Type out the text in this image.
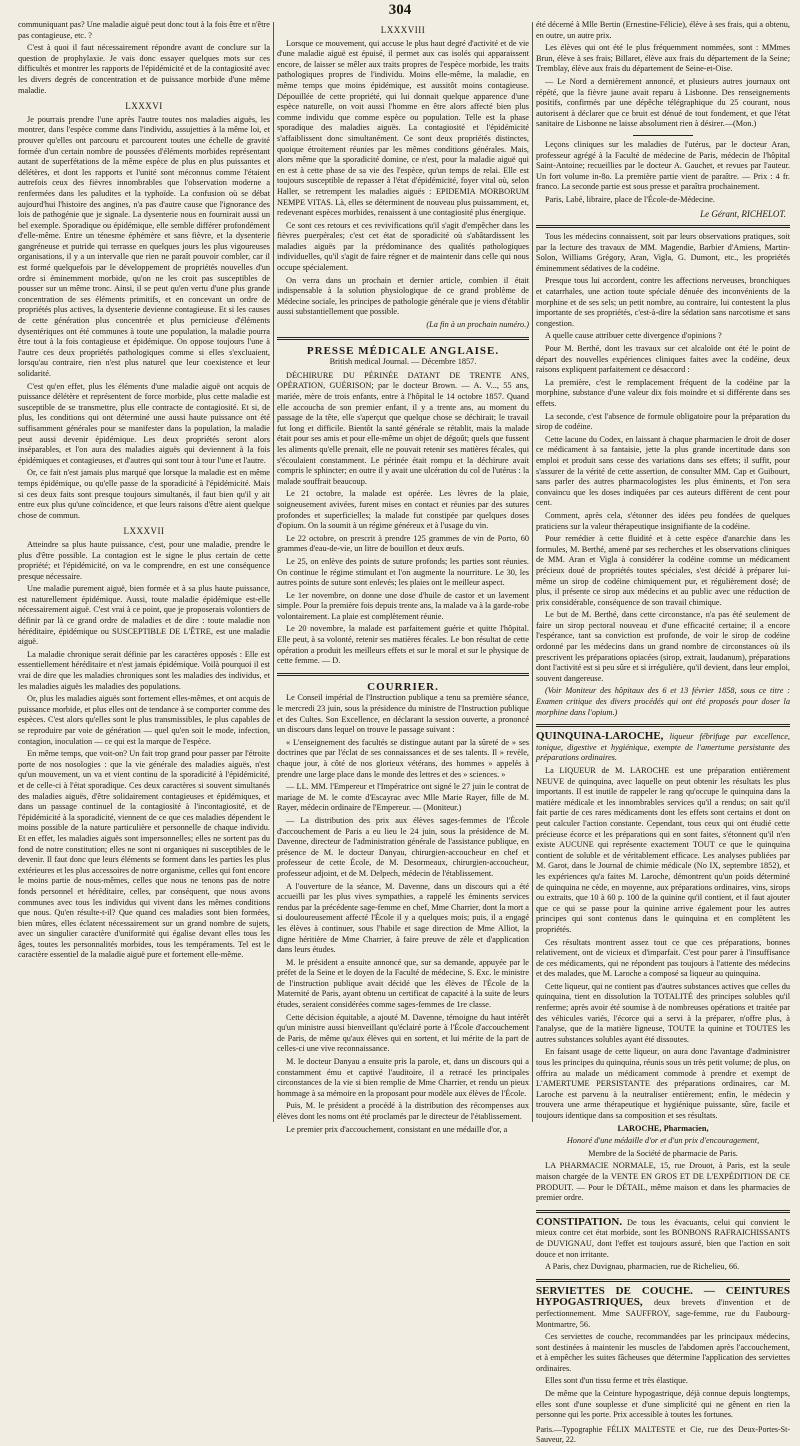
304

communiquant pas? Une maladie aiguë peut donc tout à la fois être et n'être pas contagieuse, etc. ?

C'est à quoi il faut nécessairement répondre avant de conclure sur la question de prophylaxie. Je vais donc essayer quelques mots sur ces difficultés et montrer les rapports de l'épidémicité et de la contagiosité avec les divers degrés de concentration et de puissance morbide d'une même maladie.

LXXXVI

Je pourrais prendre l'une après l'autre toutes nos maladies aiguës, les montrer, dans l'espèce comme dans l'individu, assujetties à la même loi, et prouver qu'elles ont parcouru et parcourent toutes une échelle de gravité formée d'un certain nombre de poussées d'éléments morbides représentant autant de superfétations de la même espèce de plus en plus puissantes et délétères, et dont les rapports et l'unité sont méconnus comme l'étaient autrefois ceux des fièvres innombrables que l'observation moderne a renfermées dans les paludites et la typhoïde. La confusion où se débat aujourd'hui l'histoire des angines, n'a pas d'autre cause que l'ignorance des lois de pathogénie que je signale. La dysenterie nous en fournirait aussi un bel exemple. Sporadique ou épidémique, elle semble différer profondément d'elle-même. Entre un ténesme éphémère et sans fièvre, et la dysenterie gangréneuse et putride qui terrasse en quelques jours les plus vigoureuses organisations, il y a un intervalle que rien ne paraît pouvoir combler, car il est formé quelquefois par le développement de propriétés nouvelles d'un ordre si éminemment morbide, qu'on ne les croit pas susceptibles de pousser sur un même tronc. Ainsi, il se peut qu'en vertu d'une plus grande concentration de ses éléments primitifs, et en concevant un ordre de propriétés plus actives, la dysenterie devienne contagieuse. Et si les causes de cette génération plus concentrée et plus pernicieuse d'éléments dysentériques ont été communes à toute une population, la maladie pourra être tout à la fois contagieuse et épidémique. On oppose toujours l'une à l'autre ces deux propriétés pathologiques comme si elles s'excluaient, lorsqu'au contraire, rien n'est plus naturel que leur coexistence et leur solidarité.

C'est qu'en effet, plus les éléments d'une maladie aiguë ont acquis de puissance délétère et représentent de force morbide, plus cette maladie est susceptible de se transmettre, plus elle contracte de contagiosité. Et si, de plus, les conditions qui ont déterminé une aussi haute puissance ont été suffisamment générales pour se manifester dans la population, la maladie peut aussi devenir épidémique. Les deux propriétés seront alors inséparables, et l'on aura des maladies aiguës qui deviennent à la fois épidémiques et contagieuses, et d'autres qui sont tour à tour l'une et l'autre.

Or, ce fait n'est jamais plus marqué que lorsque la maladie est en même temps épidémique, ou qu'elle passe de la sporadicité à l'épidémicité. Mais si ces deux faits sont presque toujours simultanés, il faut bien qu'il y ait entre eux plus qu'une coïncidence, et que leurs raisons d'être aient quelque chose de commun.

LXXXVII

Atteindre sa plus haute puissance, c'est, pour une maladie, prendre le plus d'être possible. La contagion est le signe le plus certain de cette propriété; et l'épidémicité, on va le comprendre, en est une conséquence presque nécessaire.

Une maladie purement aiguë, bien formée et à sa plus haute puissance, est naturellement épidémique. Aussi, toute maladie épidémique est-elle nécessairement aiguë. C'est vrai à ce point, que je proposerais volontiers de définir par là ce grand ordre de maladies et de dire : toute maladie non héréditaire, épidémique ou SUSCEPTIBLE DE L'ÊTRE, est une maladie aiguë.

La maladie chronique serait définie par les caractères opposés : Elle est essentiellement héréditaire et n'est jamais épidémique. Voilà pourquoi il est vrai de dire que les maladies chroniques sont les maladies des individus, et les maladies aiguës les maladies des populations.

Or, plus les maladies aiguës sont fortement elles-mêmes, et ont acquis de puissance morbide, et plus elles ont de tendance à se comporter comme des espèces. C'est alors qu'elles sont le plus transmissibles, le plus capables de se reproduire par voie de génération — quel qu'en soit le mode, infection, contagion, inoculation — ce qui est la marque de l'espèce.

En même temps, que voit-on? Un fait trop grand pour passer par l'étroite porte de nos nosologies : que la vie générale des maladies aiguës, n'est qu'un mouvement, un va et vient continu de la sporadicité à l'épidémicité, et de celle-ci à l'état sporadique. Ces deux caractères si souvent simultanés des maladies aiguës, d'être solidairement contagieuses et épidémiques, et dans un passage continuel de la contagiosité à l'incontagiosité, et de l'épidémicité à la sporadicité, viennent de ce que ces maladies dépendent le moins possible de la nature particulière et personnelle de chaque individu. Et en effet, les maladies aiguës sont impersonnelles; elles ne sortent pas du fond de notre constitution; elles ne sont ni organiques ni susceptibles de le devenir. Il faut donc que leurs éléments se forment dans les parties les plus extérieures et les plus accessoires de notre organisme, celles qui font encore le moins partie de nous-mêmes, celles que nous ne tenons pas de notre fonds personnel et héréditaire, celles, par conséquent, que nous avons communes avec tous les individus qui vivent dans les mêmes conditions que nous. Qu'en résulte-t-il? Que quand ces maladies sont bien formées, bien mûres, elles éclatent nécessairement sur un grand nombre de sujets, avec un singulier caractère d'uniformité qui égalise devant elles tous les âges, toutes les personnalités morbides, tous les tempéraments. Tel est le caractère essentiel de la maladie aiguë pure et fortement elle-même.

LXXXVIII

Lorsque ce mouvement, qui accuse le plus haut degré d'activité et de vie d'une maladie aiguë est épuisé, il permet aux cas isolés qui apparaissent encore, de laisser se mêler aux traits propres de l'espèce morbide, les traits pathologiques propres de l'individu. Moins elle-même, la maladie, en même temps que moins épidémique, est aussitôt moins contagieuse. Dépouillée de cette propriété, qui lui donnait quelque apparence d'une espèce naturelle, on voit aussi l'homme en être alors affecté bien plus comme individu que comme espèce ou population. Telle est la phase sporadique des maladies aiguës. La contagiosité et l'épidémicité s'affaiblissent donc simultanément. Ce sont deux propriétés distinctes, quoique étroitement réunies par les mêmes conditions générales. Mais, alors même que la sporadicité domine, ce n'est, pour la maladie aiguë qui en est à cette phase de sa vie des l'espèce, qu'un temps de relai. Elle est toujours susceptible de repasser à l'état d'épidémicité, foyer vital où, selon Haller, se retrempent les maladies aiguës : EPIDEMIA MORBORUM NEMPE VITAS. Là, elles se déterminent de nouveau plus puissamment, et, redevenant espèces morbides, renaissent à une contagiosité plus énergique.

Ce sont ces retours et ces revivifications qu'il s'agit d'empêcher dans les fièvres puerpérales; c'est cet état de sporadicité où s'abâtardissent les maladies aiguës par la prédominance des qualités pathologiques individuelles, qu'il s'agit de faire régner et de maintenir dans celle qui nous occupe spécialement.

On verra dans un prochain et dernier article, combien il était indispensable à la solution physiologique de ce grand problème de Médecine sociale, les principes de pathologie générale que je viens d'établir aussi substantiellement que possible.

(La fin à un prochain numéro.)

PRESSE MÉDICALE ANGLAISE.
British medical Journal. — Décembre 1857.

DÉCHIRURE DU PÉRINÉE DATANT DE TRENTE ANS, OPÉRATION, GUÉRISON; par le docteur Brown. — A. V..., 55 ans, mariée, mère de trois enfants, entre à l'hôpital le 14 octobre 1857. Quand elle accoucha de son premier enfant, il y a trente ans, au moment du passage de la tête, elle s'aperçut que quelque chose se déchirait; le travail fut long et difficile. Bientôt la santé générale se rétablit, mais la malade était pour ses amis et pour elle-même un objet de dégoût; quels que fussent les aliments qu'elle prenait, elle ne pouvait retenir ses matières fécales, qui s'écoulaient constamment. Le périnée était rompu et la déchirure avait compris le sphincter; en outre il y avait une ulcération du col de l'utérus : la malade souffrait beaucoup.

Le 21 octobre, la malade est opérée. Les lèvres de la plaie, soigneusement avivées, furent mises en contact et réunies par des sutures profondes et superficielles; la malade fut constipée par quelques doses d'opium. On la soumit à un régime généreux et à l'usage du vin.

Le 22 octobre, on prescrit à prendre 125 grammes de vin de Porto, 60 grammes d'eau-de-vie, un litre de bouillon et deux œufs.

Le 25, on enlève des points de suture profonds; les parties sont réunies. On continue le régime stimulant et l'on augmente la nourriture. Le 30, les autres points de suture sont enlevés; les plaies ont le meilleur aspect.

Le 1er novembre, on donne une dose d'huile de castor et un lavement simple. Pour la première fois depuis trente ans, la malade va à la garde-robe volontairement. La plaie est complètement réunie.

Le 20 novembre, la malade est parfaitement guérie et quitte l'hôpital. Elle peut, à sa volonté, retenir ses matières fécales. Le bon résultat de cette opération a produit les meilleurs effets et sur le moral et sur le physique de cette femme. — D.

COURRIER.

Le Conseil impérial de l'Instruction publique a tenu sa première séance, le mercredi 23 juin, sous la présidence du ministre de l'Instruction publique et des Cultes. Son Excellence, en déclarant la session ouverte, a prononcé un discours dans lequel on trouve le passage suivant :

« L'enseignement des facultés se distingue autant par la sûreté de » ses doctrines que par l'éclat de ses connaissances et de ses talents. Il » revèle, chaque jour, à côté de nos glorieux vétérans, des hommes » appelés à prendre une large place dans le monde des lettres et des » sciences. »

— LL. MM. l'Empereur et l'Impératrice ont signé le 27 juin le contrat de mariage de M. le comte d'Escayrac avec Mlle Marie Rayer, fille de M. Rayer, médecin ordinaire de l'Empereur. — (Moniteur.)

— La distribution des prix aux élèves sages-femmes de l'École d'accouchement de Paris a eu lieu le 24 juin, sous la présidence de M. Davenne, directeur de l'administration générale de l'assistance publique, en présence de M. le docteur Danyau, chirurgien-accoucheur en chef et professeur de cette École, de M. Desormeaux, chirurgien-accoucheur, professeur adjoint, et de M. Delpech, médecin de l'établissement.

A l'ouverture de la séance, M. Davenne, dans un discours qui a été accueilli par les plus vives sympathies, a rappelé les éminents services rendus par la précédente sage-femme en chef, Mme Charrier, dont la mort a si douloureusement affecté l'École il y a quelques mois; puis, il a engagé les élèves à continuer, sous l'habile et sage direction de Mme Alliot, la digne héritière de Mme Charrier, à faire preuve de zèle et d'application dans leurs études.

M. le président a ensuite annoncé que, sur sa demande, appuyée par le préfet de la Seine et le doyen de la Faculté de médecine, S. Exc. le ministre de l'instruction publique avait décidé que les élèves de l'École de la Maternité de Paris, ayant obtenu un certificat de capacité à la suite de leurs études, seraient considérées comme sages-femmes de 1re classe.

Cette décision équitable, a ajouté M. Davenne, témoigne du haut intérêt qu'un ministre aussi bienveillant qu'éclairé porte à l'École d'accouchement de Paris, de même qu'aux élèves qui en sortent, et lui mérite de la part de celles-ci une vive reconnaissance.

M. le docteur Danyau a ensuite pris la parole, et, dans un discours qui a constamment ému et captivé l'auditoire, il a retracé les principales circonstances de la vie si bien remplie de Mme Charrier, et rendu un pieux hommage à sa mémoire en la proposant pour modèle aux élèves de l'École.

Puis, M. le président a procédé à la distribution des récompenses aux élèves dont les noms ont été proclamés par le directeur de l'établissement.

Le premier prix d'accouchement, consistant en une médaille d'or, a

été décerné à Mlle Bertin (Ernestine-Félicie), élève à ses frais, qui a obtenu, en outre, un autre prix.

Les élèves qui ont été le plus fréquemment nommées, sont : MMmes Brun, élève à ses frais; Billaret, élève aux frais du département de la Seine; Tremblay, élève aux frais du département de Seine-et-Oise.

— Le Nord a dernièrement annoncé, et plusieurs autres journaux ont répété, que la fièvre jaune avait reparu à Lisbonne. Des renseignements positifs, confirmés par une dépêche télégraphique du 25 courant, nous autorisent à déclarer que ce bruit est dénué de tout fondement, et que l'état sanitaire de Lisbonne ne laisse absolument rien à désirer.—(Mon.)

Leçons cliniques sur les maladies de l'utérus, par le docteur Aran, professeur agrégé à la Faculté de médecine de Paris, médecin de l'hôpital Saint-Antoine; recueillies par le docteur A. Gauchet, et revues par l'auteur. Un fort volume in-8o. La première partie vient de paraître. — Prix : 4 fr. franco. La seconde partie est sous presse et paraîtra prochainement.

Paris, Labé, libraire, place de l'École-de-Médecine.

Le Gérant, RICHELOT.

Tous les médecins connaissent, soit par leurs observations pratiques, soit par la lecture des travaux de MM. Magendie, Barbier d'Amiens, Martin-Solon, Williams Grégory, Aran, Vigla, G. Dumont, etc., les propriétés éminemment sédatives de la codéine.

Presque tous lui accordent, contre les affections nerveuses, bronchiques et catarrhales, une action toute spéciale dénuée des inconvénients de la morphine et de ses sels; un petit nombre, au contraire, lui contestent la plus importante de ses propriétés, c'est-à-dire la sédation sans narcotisme et sans congestion.

A quelle cause attribuer cette divergence d'opinions ?

Pour M. Berthé, dont les travaux sur cet alcaloïde ont été le point de départ des nouvelles expériences cliniques faites avec la codéine, deux raisons expliquent parfaitement ce désaccord :

La première, c'est le remplacement fréquent de la codéine par la morphine, substance d'une valeur dix fois moindre et si différente dans ses effets.

La seconde, c'est l'absence de formule obligatoire pour la préparation du sirop de codéine.

Cette lacune du Codex, en laissant à chaque pharmacien le droit de doser ce médicament à sa fantaisie, jette la plus grande incertitude dans son emploi et produit sans cesse des variations dans ses effets; il suffit, pour s'assurer de la vérité de cette assertion, de consulter MM. Cap et Guibourt, sans parler des autres pharmacologistes les plus éminents, et l'on sera convaincu que les doses indiquées par ces auteurs diffèrent de cent pour cent.

Comment, après cela, s'étonner des idées peu fondées de quelques praticiens sur la valeur thérapeutique insignifiante de la codéine.

Pour remédier à cette fluidité et à cette espèce d'anarchie dans les formules, M. Berthé, amené par ses recherches et les observations cliniques de MM. Aran et Vigla à considérer la codéine comme un médicament précieux doué de propriétés toutes spéciales, s'est décidé à préparer lui-même un sirop de codéine chimiquement pur, et régulièrement dosé; de plus, il présente ce sirop aux médecins et au public avec une réduction de prix considérable, conséquence de son travail chimique.

Le but de M. Berthé, dans cette circonstance, n'a pas été seulement de faire un sirop pectoral nouveau et d'une efficacité certaine; il a encore l'espérance, tant sa conviction est profonde, de voir le sirop de codéine ordonné par les médecins dans un grand nombre de circonstances où ils prescrivent les préparations opiacées (sirop, extrait, laudanum), préparations dont l'activité est si peu sûre et si irrégulière, qu'il devient, dans leur emploi, souvent dangereuse.

(Voir Moniteur des hôpitaux des 6 et 13 février 1858, sous ce titre : Examen critique des divers procédés qui ont été proposés pour doser la morphine dans l'opium.)

QUINQUINA-LAROCHE, liqueur fébrifuge par excellence, tonique, digestive et hygiénique, exempte de l'amertume persistante des préparations ordinaires.

La LIQUEUR de M. LAROCHE est une préparation entièrement NEUVE de quinquina, avec laquelle on peut obtenir les résultats les plus importants. Il est inutile de rappeler le rang qu'occupe le quinquina dans la matière médicale et les innombrables services qu'il a rendus; on sait qu'il fait partie de ces rares médicaments dont les effets sont certains et dont on peut calculer l'action constante. Cependant, tous ceux qui ont étudié cette précieuse écorce et les préparations qui en sont faites, s'étonnent qu'il n'en existe AUCUNE qui représente exactement TOUT ce que le quinquina contient de soluble et de véritablement efficace. Les analyses publiées par M. Garot, dans le Journal de chimie médicale (No IX, septembre 1852), et les expériences qu'a faites M. Laroche, démontrent qu'un poids déterminé de quinquina ne cède, en moyenne, aux préparations ordinaires, vins, sirops ou extraits, que 10 à 60 p. 100 de la quinine qu'il contient, et il faut ajouter que ce qui se passe pour la quinine arrive également pour les autres principes qui sont contenus dans le quinquina et en complètent les propriétés.

Ces résultats montrent assez tout ce que ces préparations, bonnes relativement, ont de vicieux et d'imparfait. C'est pour parer à l'insuffisance de ces médicaments, qui ne répondent pas toujours à l'attente des médecins et des malades, que M. Laroche a composé sa liqueur au quinquina.

Cette liqueur, qui ne contient pas d'autres substances actives que celles du quinquina, tient en dissolution la TOTALITÉ des principes solubles qu'il renferme; après avoir été soumise à de nombreuses opérations et traitée par des véhicules variés, l'écorce qui a servi à la préparer, n'offre plus, à l'analyse, que de la matière ligneuse, TOUTE la quinine et TOUTES les autres substances solubles ayant été dissoutes.

En faisant usage de cette liqueur, on aura donc l'avantage d'administrer tous les principes du quinquina, réunis sous un très petit volume; de plus, on offrira au malade un médicament commode à prendre et exempt de L'AMERTUME PERSISTANTE des préparations ordinaires, car M. Laroche est parvenu à la neutraliser entièrement; enfin, le médecin y trouvera une arme thérapeutique et hygiénique puissante, sûre, facile et toujours identique dans sa composition et ses résultats.

LAROCHE, Pharmacien,

Honoré d'une médaille d'or et d'un prix d'encouragement,

Membre de la Société de pharmacie de Paris.

LA PHARMACIE NORMALE, 15, rue Drouot, à Paris, est la seule maison chargée de la VENTE EN GROS ET DE L'EXPÉDITION DE CE PRODUIT. — Pour le DÉTAIL, même maison et dans les pharmacies de premier ordre.

CONSTIPATION. De tous les évacuants, celui qui convient le mieux contre cet état morbide, sont les BONBONS RAFRAICHISSANTS de DUVIGNAU, dont l'effet est toujours assuré, bien que l'action en soit douce et non irritante.

A Paris, chez Duvignau, pharmacien, rue de Richelieu, 66.

SERVIETTES DE COUCHE. — CEINTURES HYPOGASTRIQUES, deux brevets d'invention et de perfectionnement. Mme SAUFFROY, sage-femme, rue du Faubourg-Montmartre, 56.

Ces serviettes de couche, recommandées par les principaux médecins, sont destinées à maintenir les muscles de l'abdomen après l'accouchement, et à empêcher les suites fâcheuses que détermine l'application des serviettes ordinaires.

Elles sont d'un tissu ferme et très élastique.

De même que la Ceinture hypogastrique, déjà connue depuis longtemps, elles sont d'une souplesse et d'une simplicité qui ne gênent en rien la personne qui les porte. Prix accessible à toutes les fortunes.

Paris.—Typographie FÉLIX MALTESTE et Cie, rue des Deux-Portes-St-Sauveur, 22.
